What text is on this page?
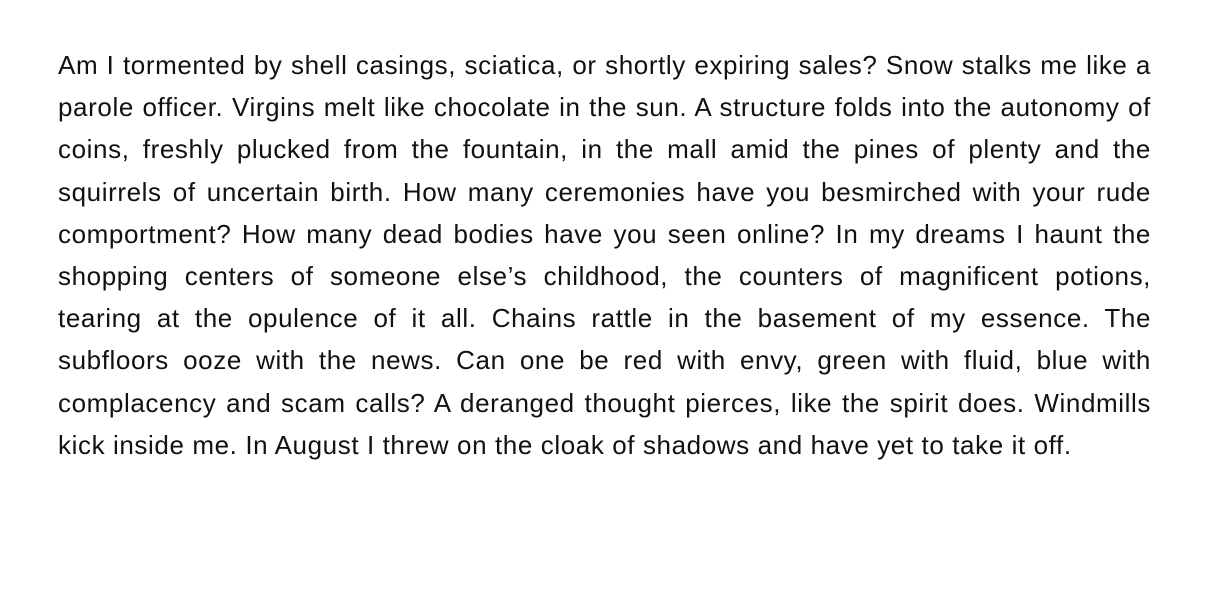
Am I tormented by shell casings, sciatica, or shortly expiring sales? Snow stalks me like a parole officer. Virgins melt like chocolate in the sun. A structure folds into the autonomy of coins, freshly plucked from the fountain, in the mall amid the pines of plenty and the squirrels of uncertain birth. How many ceremonies have you besmirched with your rude comportment? How many dead bodies have you seen online? In my dreams I haunt the shopping centers of someone else’s childhood, the counters of magnificent potions, tearing at the opulence of it all. Chains rattle in the basement of my essence. The subfloors ooze with the news. Can one be red with envy, green with fluid, blue with complacency and scam calls? A deranged thought pierces, like the spirit does. Windmills kick inside me. In August I threw on the cloak of shadows and have yet to take it off.
